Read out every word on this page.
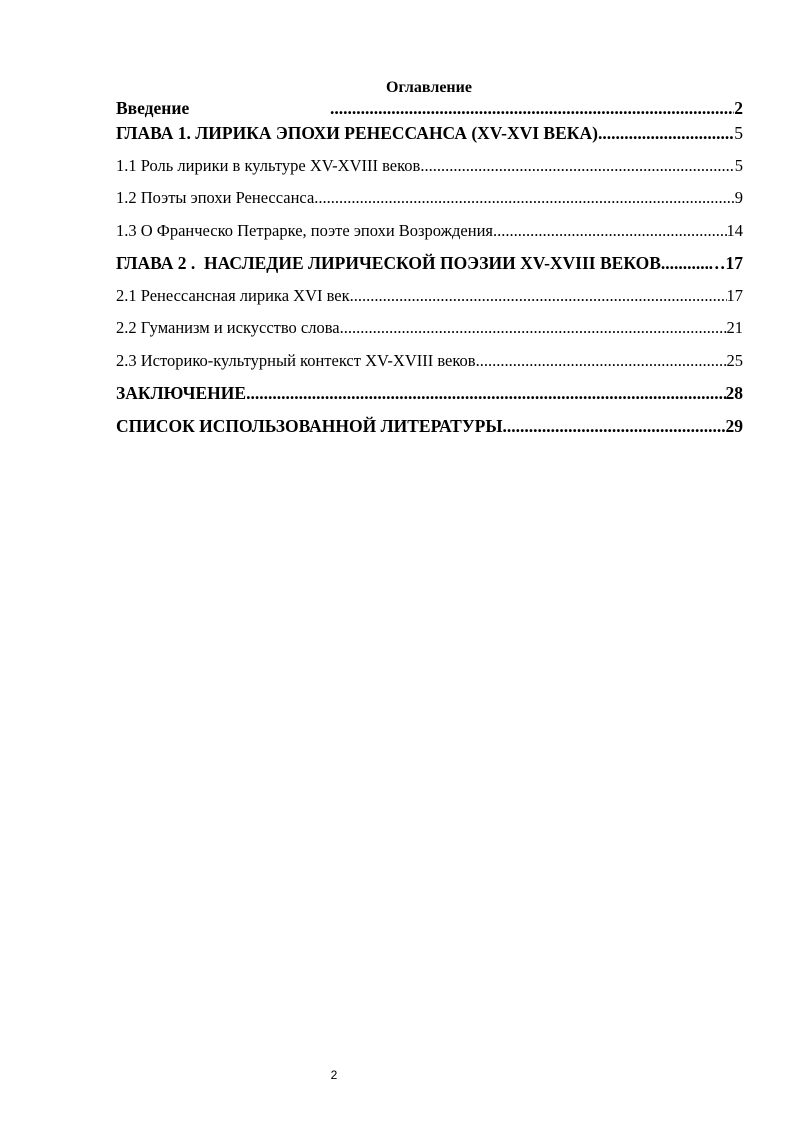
Оглавление
Введение .....	2
ГЛАВА 1. ЛИРИКА ЭПОХИ РЕНЕССАНСА (XV-XVI ВЕКА) .....	5
1.1 Роль лирики в культуре XV-XVIII веков .....	5
1.2 Поэты эпохи Ренессанса .....	9
1.3 О Франческо Петрарке, поэте эпохи Возрождения .....	14
ГЛАВА 2 .  НАСЛЕДИЕ ЛИРИЧЕСКОЙ ПОЭЗИИ XV-XVIII ВЕКОВ .....	…17
2.1 Ренессансная лирика XVI век .....	17
2.2 Гуманизм и искусство слова .....	21
2.3 Историко-культурный контекст XV-XVIII веков .....	25
ЗАКЛЮЧЕНИЕ .....	28
СПИСОК ИСПОЛЬЗОВАННОЙ ЛИТЕРАТУРЫ .....	29
2
